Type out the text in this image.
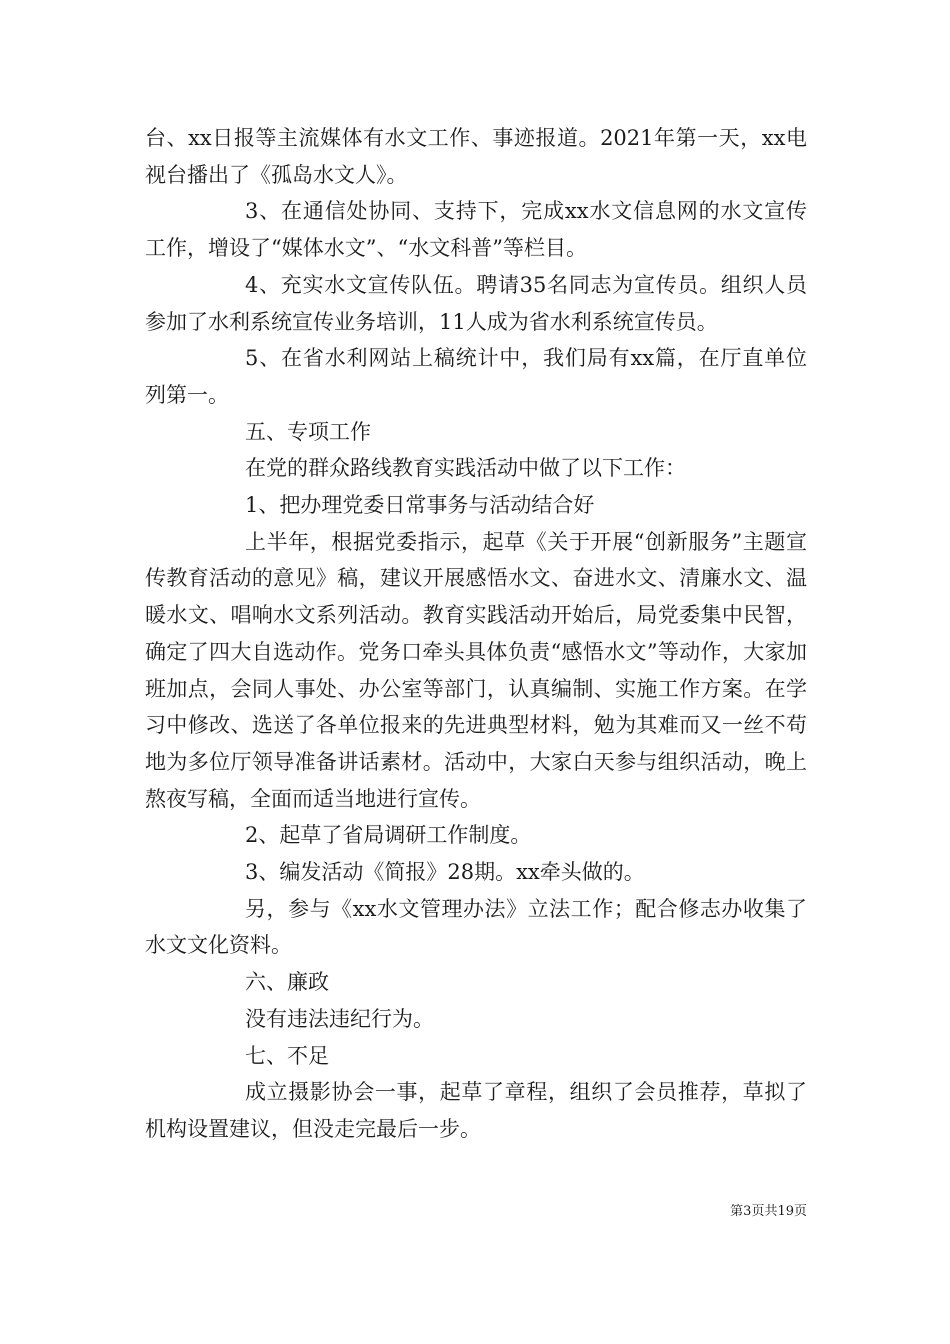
台、xx日报等主流媒体有水文工作、事迹报道。2021年第一天，xx电视台播出了《孤岛水文人》。

3、在通信处协同、支持下，完成xx水文信息网的水文宣传工作，增设了“媒体水文”、“水文科普”等栏目。

4、充实水文宣传队伍。聘请35名同志为宣传员。组织人员参加了水利系统宣传业务培训，11人成为省水利系统宣传员。

5、在省水利网站上稿统计中，我们局有xx篇，在厅直单位列第一。

五、专项工作

在党的群众路线教育实践活动中做了以下工作：

1、把办理党委日常事务与活动结合好

上半年，根据党委指示，起草《关于开展“创新服务”主题宣传教育活动的意见》稿，建议开展感悟水文、奋进水文、清廉水文、温暖水文、唱响水文系列活动。教育实践活动开始后，局党委集中民智，确定了四大自选动作。党务口牵头具体负责“感悟水文”等动作，大家加班加点，会同人事处、办公室等部门，认真编制、实施工作方案。在学习中修改、选送了各单位报来的先进典型材料，勉为其难而又一丝不苟地为多位厅领导准备讲话素材。活动中，大家白天参与组织活动，晚上熬夜写稿，全面而适当地进行宣传。

2、起草了省局调研工作制度。

3、编发活动《简报》28期。xx牵头做的。

另，参与《xx水文管理办法》立法工作；配合修志办收集了水文文化资料。

六、廉政

没有违法违纪行为。

七、不足

成立摄影协会一事，起草了章程，组织了会员推荐，草拟了机构设置建议，但没走完最后一步。

第3页共19页
